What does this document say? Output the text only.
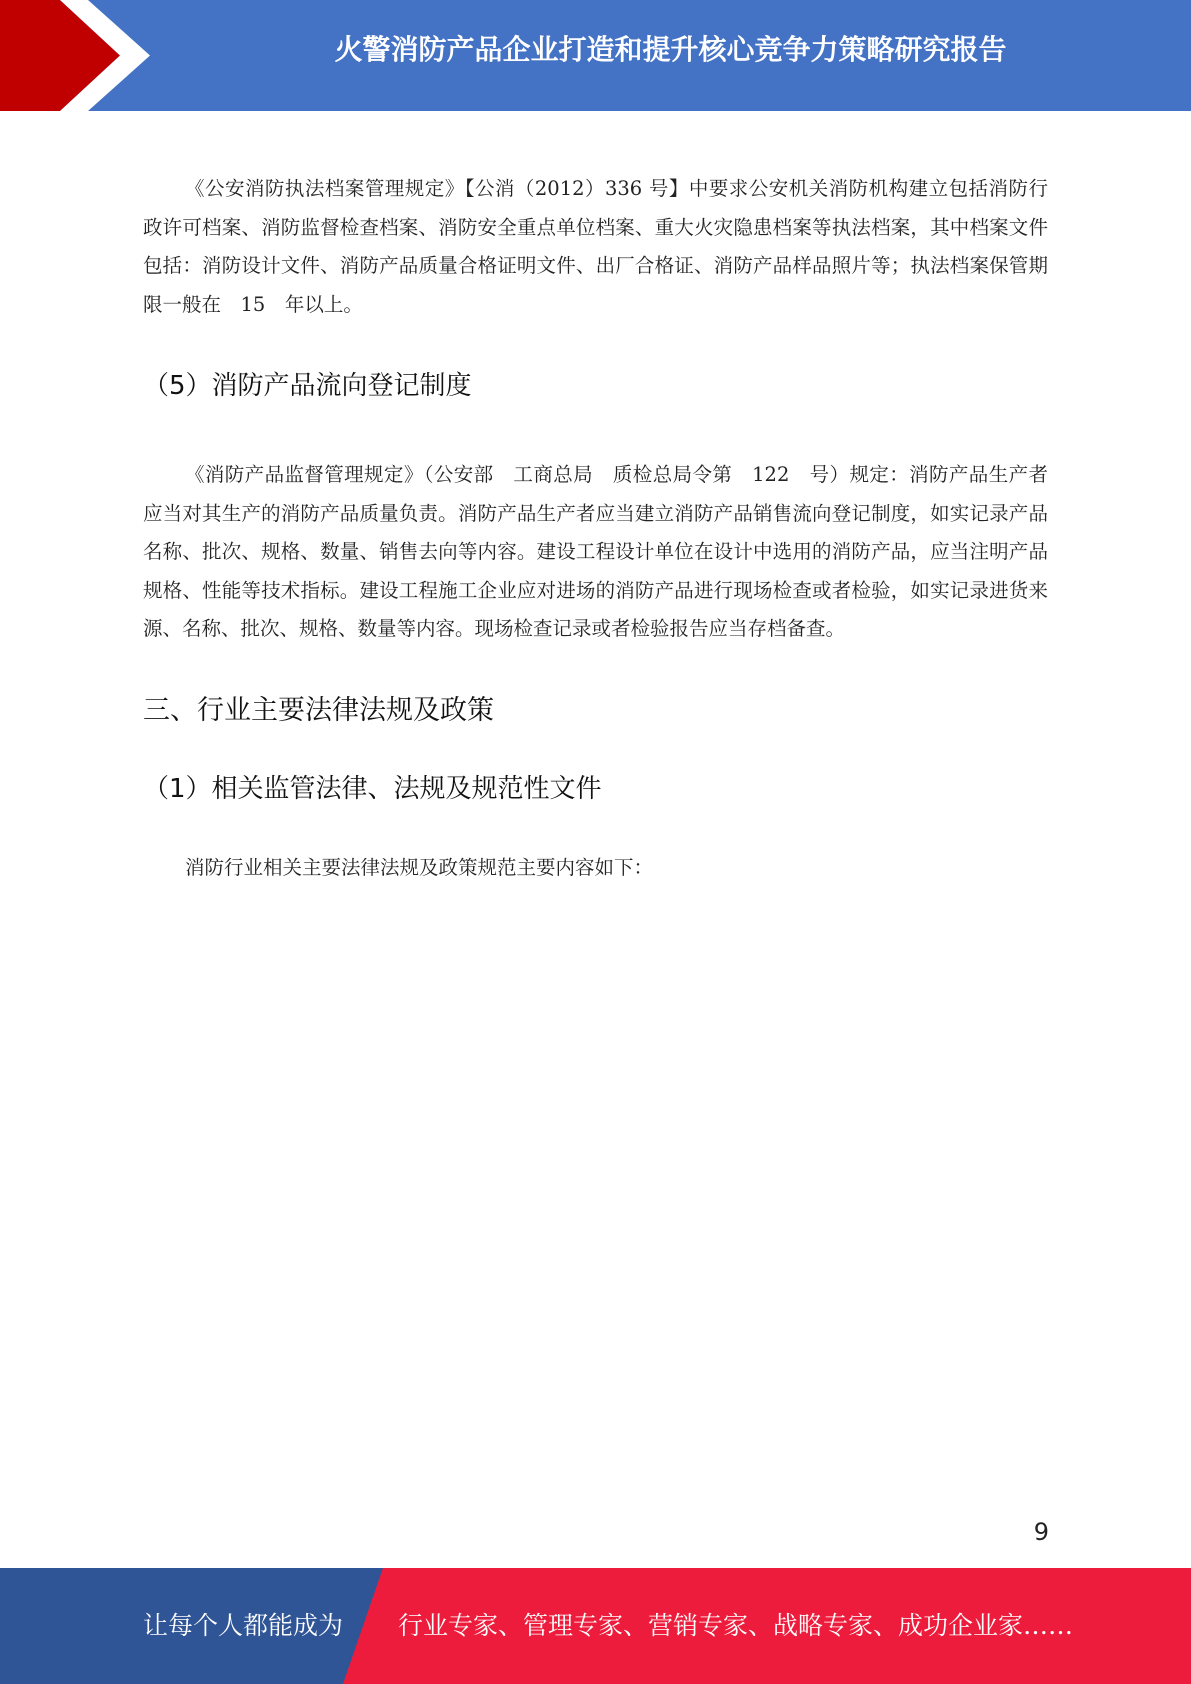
火警消防产品企业打造和提升核心竞争力策略研究报告

《公安消防执法档案管理规定》【公消（2012）336 号】中要求公安机关消防机构建立包括消防行政许可档案、消防监督检查档案、消防安全重点单位档案、重大火灾隐患档案等执法档案，其中档案文件包括：消防设计文件、消防产品质量合格证明文件、出厂合格证、消防产品样品照片等；执法档案保管期限一般在　15　年以上。

（5）消防产品流向登记制度

《消防产品监督管理规定》（公安部　工商总局　质检总局令第　122　号）规定：消防产品生产者应当对其生产的消防产品质量负责。消防产品生产者应当建立消防产品销售流向登记制度，如实记录产品名称、批次、规格、数量、销售去向等内容。建设工程设计单位在设计中选用的消防产品，应当注明产品规格、性能等技术指标。建设工程施工企业应对进场的消防产品进行现场检查或者检验，如实记录进货来源、名称、批次、规格、数量等内容。现场检查记录或者检验报告应当存档备查。

三、行业主要法律法规及政策
（1）相关监管法律、法规及规范性文件

消防行业相关主要法律法规及政策规范主要内容如下：

9
让每个人都能成为 行业专家、管理专家、营销专家、战略专家、成功企业家……
